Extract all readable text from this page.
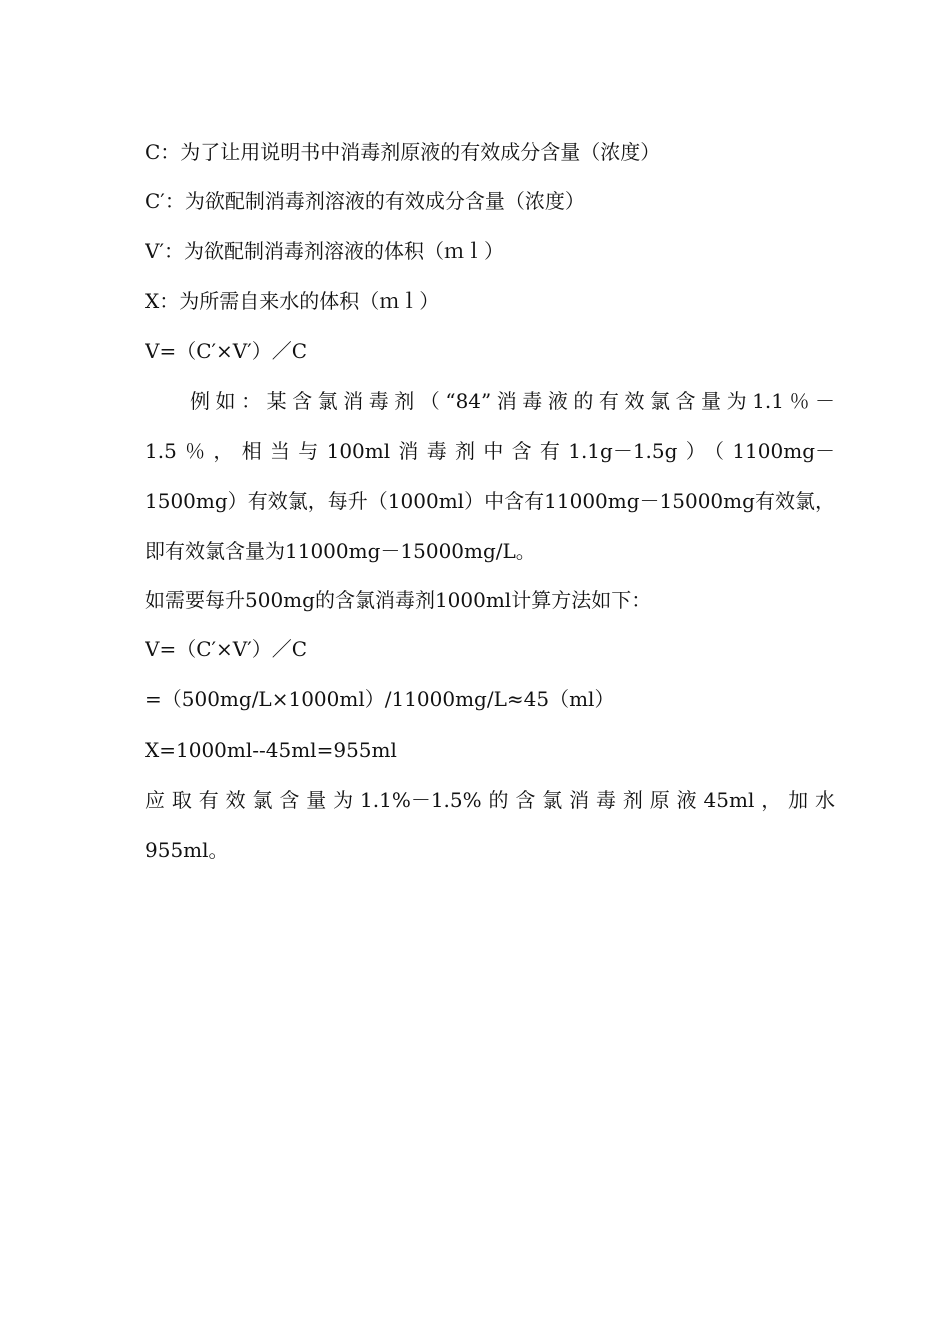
C：为了让用说明书中消毒剂原液的有效成分含量（浓度）
C′：为欲配制消毒剂溶液的有效成分含量（浓度）
V′：为欲配制消毒剂溶液的体积（ｍｌ）
X：为所需自来水的体积（ｍｌ）
V=（C′×V′）／C
例如：某含氯消毒剂（“84”消毒液的有效氯含量为1.1％－
1.5％，相当与100ml消毒剂中含有1.1g－1.5g）（1100mg－
1500mg）有效氯，每升（1000ml）中含有11000mg－15000mg有效氯，
即有效氯含量为11000mg－15000mg/L。
如需要每升500mg的含氯消毒剂1000ml计算方法如下：
V=（C′×V′）／C
=（500mg/L×1000ml）/11000mg/L≈45（ml）
X=1000ml--45ml=955ml
应取有效氯含量为1.1%－1.5%的含氯消毒剂原液45ml，加水
955ml。
